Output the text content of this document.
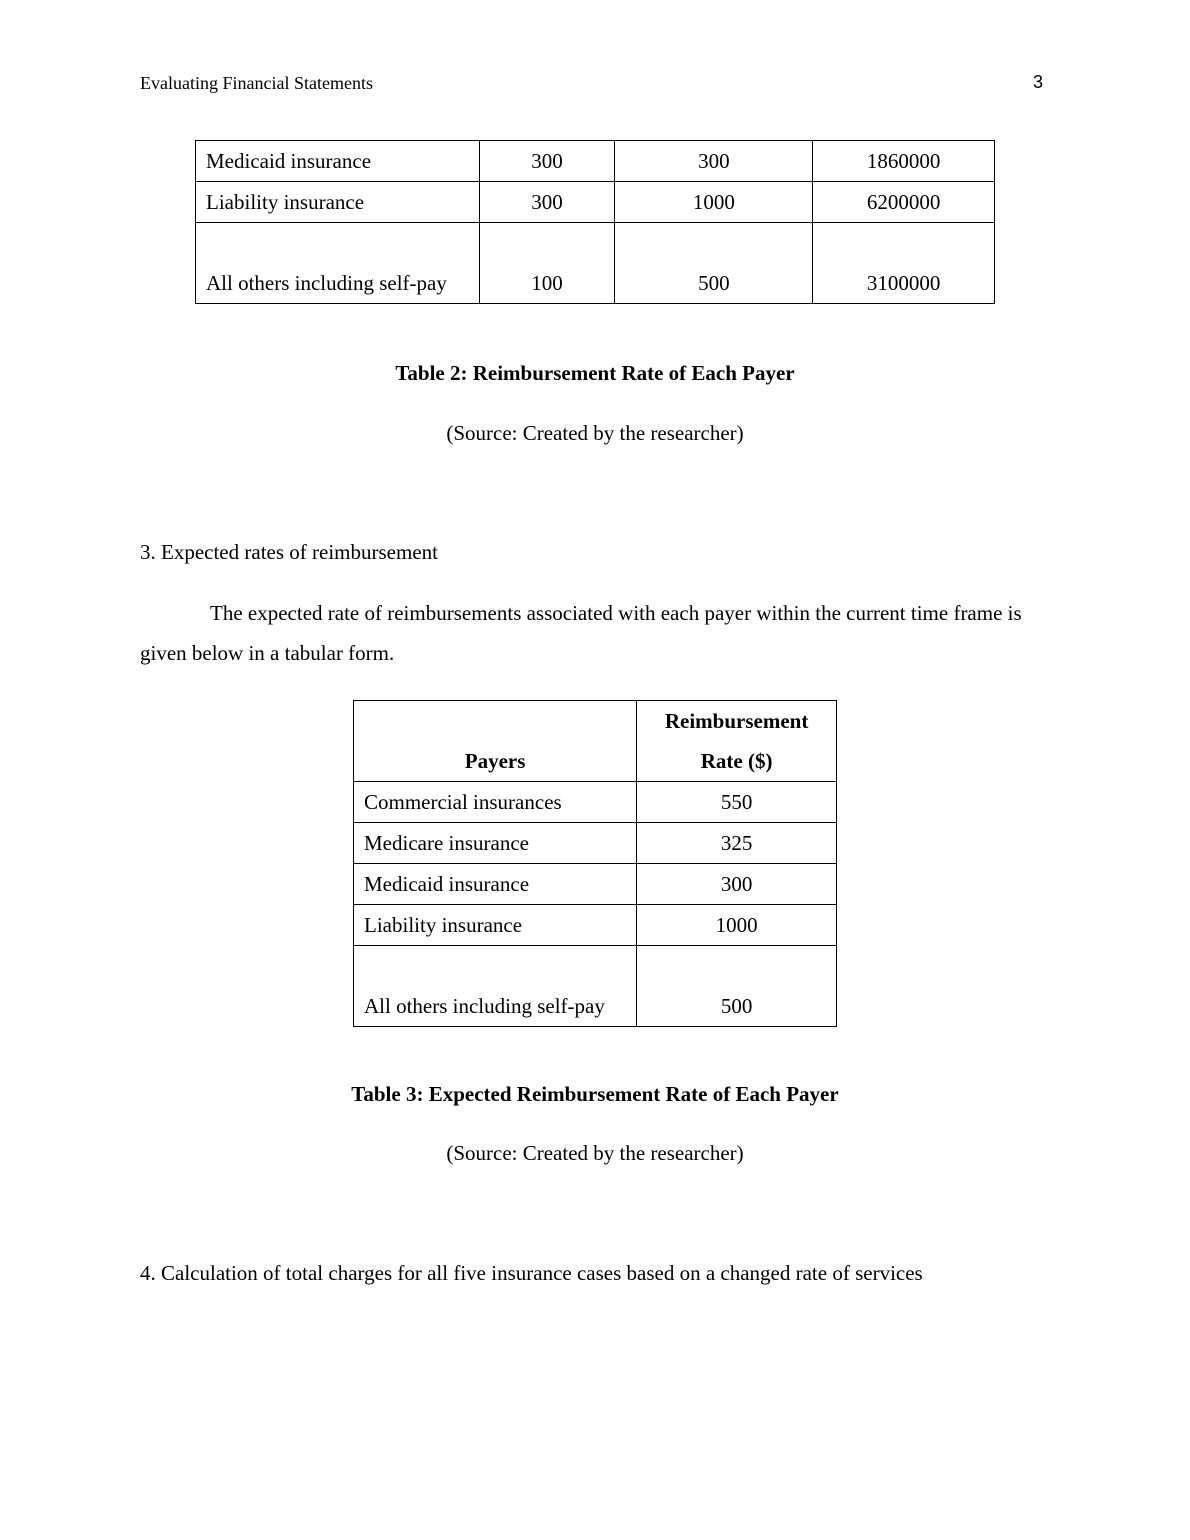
Evaluating Financial Statements	3
Medicaid insurance	300	300	1860000
Liability insurance	300	1000	6200000
All others including self-pay	100	500	3100000
Table 2: Reimbursement Rate of Each Payer
(Source: Created by the researcher)
3. Expected rates of reimbursement
The expected rate of reimbursements associated with each payer within the current time frame is given below in a tabular form.
Payers	Reimbursement Rate ($)
Commercial insurances	550
Medicare insurance	325
Medicaid insurance	300
Liability insurance	1000
All others including self-pay	500
Table 3: Expected Reimbursement Rate of Each Payer
(Source: Created by the researcher)
4. Calculation of total charges for all five insurance cases based on a changed rate of services
